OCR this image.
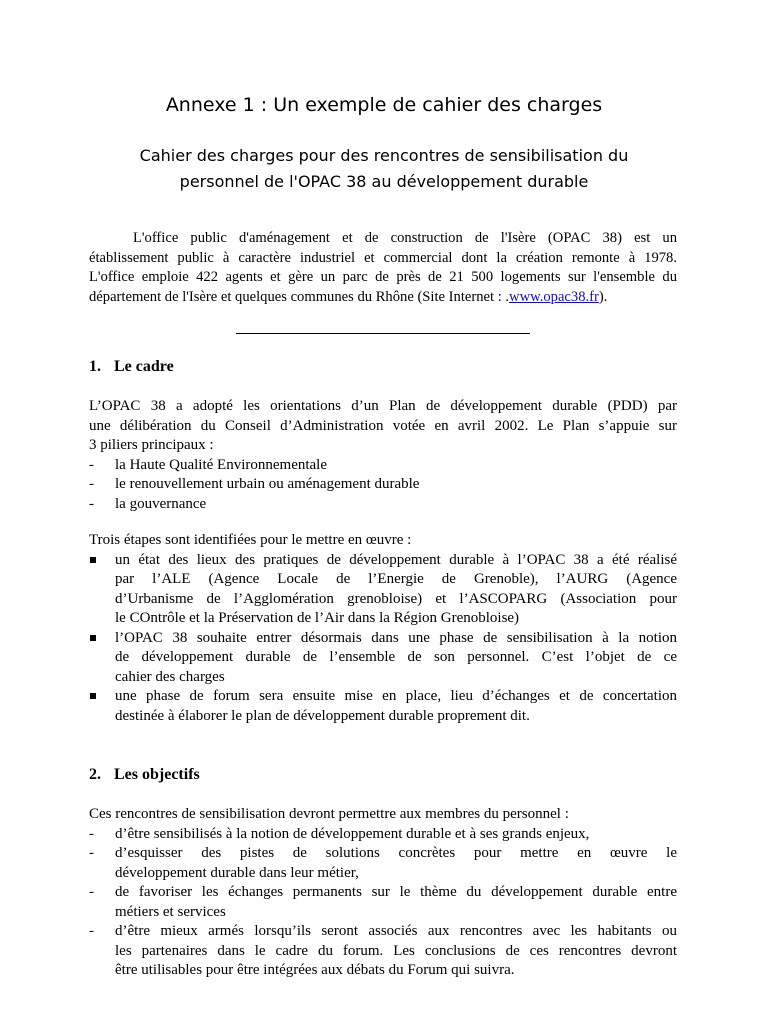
Annexe 1 : Un exemple de cahier des charges
Cahier des charges pour des rencontres de sensibilisation du
personnel de l'OPAC 38 au développement durable
L'office public d'aménagement et de construction de l'Isère (OPAC 38) est un
établissement public à caractère industriel et commercial dont la création remonte à 1978.
L'office emploie 422 agents et gère un parc de près de 21 500 logements sur l'ensemble du
département de l'Isère et quelques communes du Rhône (Site Internet : .www.opac38.fr).
1. Le cadre
L’OPAC 38 a adopté les orientations d’un Plan de développement durable (PDD) par
une délibération du Conseil d’Administration votée en avril 2002. Le Plan s’appuie sur
3 piliers principaux :
- la Haute Qualité Environnementale
- le renouvellement urbain ou aménagement durable
- la gouvernance
Trois étapes sont identifiées pour le mettre en œuvre :
un état des lieux des pratiques de développement durable à l’OPAC 38 a été réalisé
par l’ALE (Agence Locale de l’Energie de Grenoble), l’AURG (Agence
d’Urbanisme de l’Agglomération grenobloise) et l’ASCOPARG (Association pour
le COntrôle et la Préservation de l’Air dans la Région Grenobloise)
l’OPAC 38 souhaite entrer désormais dans une phase de sensibilisation à la notion
de développement durable de l’ensemble de son personnel. C’est l’objet de ce
cahier des charges
une phase de forum sera ensuite mise en place, lieu d’échanges et de concertation
destinée à élaborer le plan de développement durable proprement dit.
2. Les objectifs
Ces rencontres de sensibilisation devront permettre aux membres du personnel :
- d’être sensibilisés à la notion de développement durable et à ses grands enjeux,
- d’esquisser des pistes de solutions concrètes pour mettre en œuvre le
développement durable dans leur métier,
- de favoriser les échanges permanents sur le thème du développement durable entre
métiers et services
- d’être mieux armés lorsqu’ils seront associés aux rencontres avec les habitants ou
les partenaires dans le cadre du forum. Les conclusions de ces rencontres devront
être utilisables pour être intégrées aux débats du Forum qui suivra.
